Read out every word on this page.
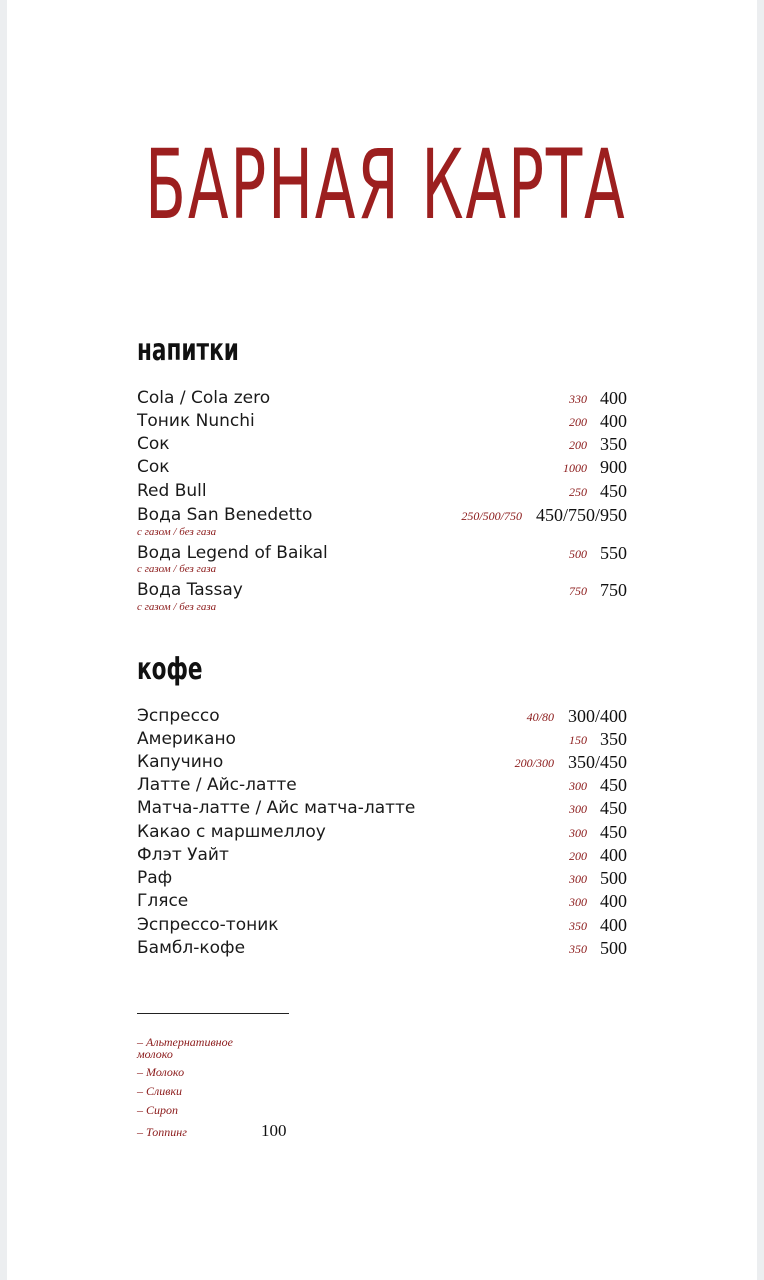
БАРНАЯ КАРТА
напитки
Cola / Cola zero	330 400
Тоник Nunchi	200 400
Сок	200 350
Сок	1000 900
Red Bull	250 450
Вода San Benedetto	250/500/750 450/750/950
с газом / без газа
Вода Legend of Baikal	500 550
с газом / без газа
Вода Tassay	750 750
с газом / без газа
кофе
Эспрессо	40/80 300/400
Американо	150 350
Капучино	200/300 350/450
Латте / Айс-латте	300 450
Матча-латте / Айс матча-латте	300 450
Какао с маршмеллоу	300 450
Флэт Уайт	200 400
Раф	300 500
Глясе	300 400
Эспрессо-тоник	350 400
Бамбл-кофе	350 500
– Альтернативное молоко
– Молоко
– Сливки
– Сироп
– Топпинг	100
